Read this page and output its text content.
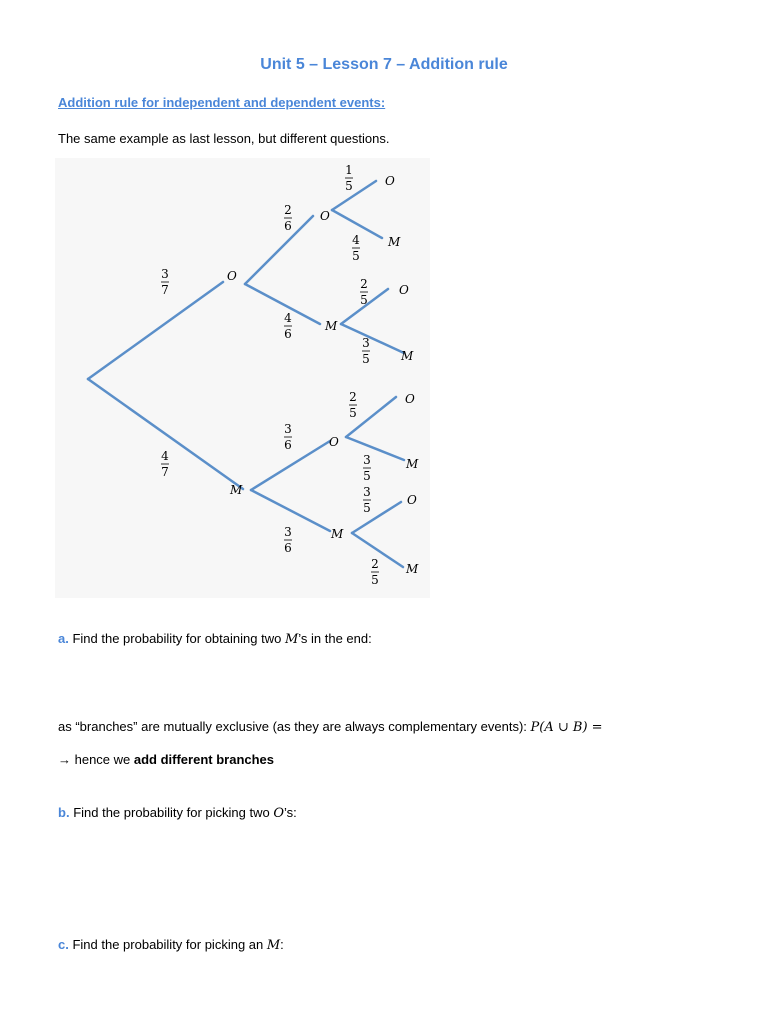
Unit 5 – Lesson 7 – Addition rule
Addition rule for independent and dependent events:
The same example as last lesson, but different questions.
O
3
7
M
4
7
O
2
6
M
4
6
O
3
6
M
3
6
O
1
5
M
4
5
O
2
5
M
3
5
O
2
5
M
3
5
O
3
5
M
2
5
a. Find the probability for obtaining two M’s in the end:
as “branches” are mutually exclusive (as they are always complementary events): P(A ∪ B) =
→ hence we add different branches
b. Find the probability for picking two O’s:
c. Find the probability for picking an M:
